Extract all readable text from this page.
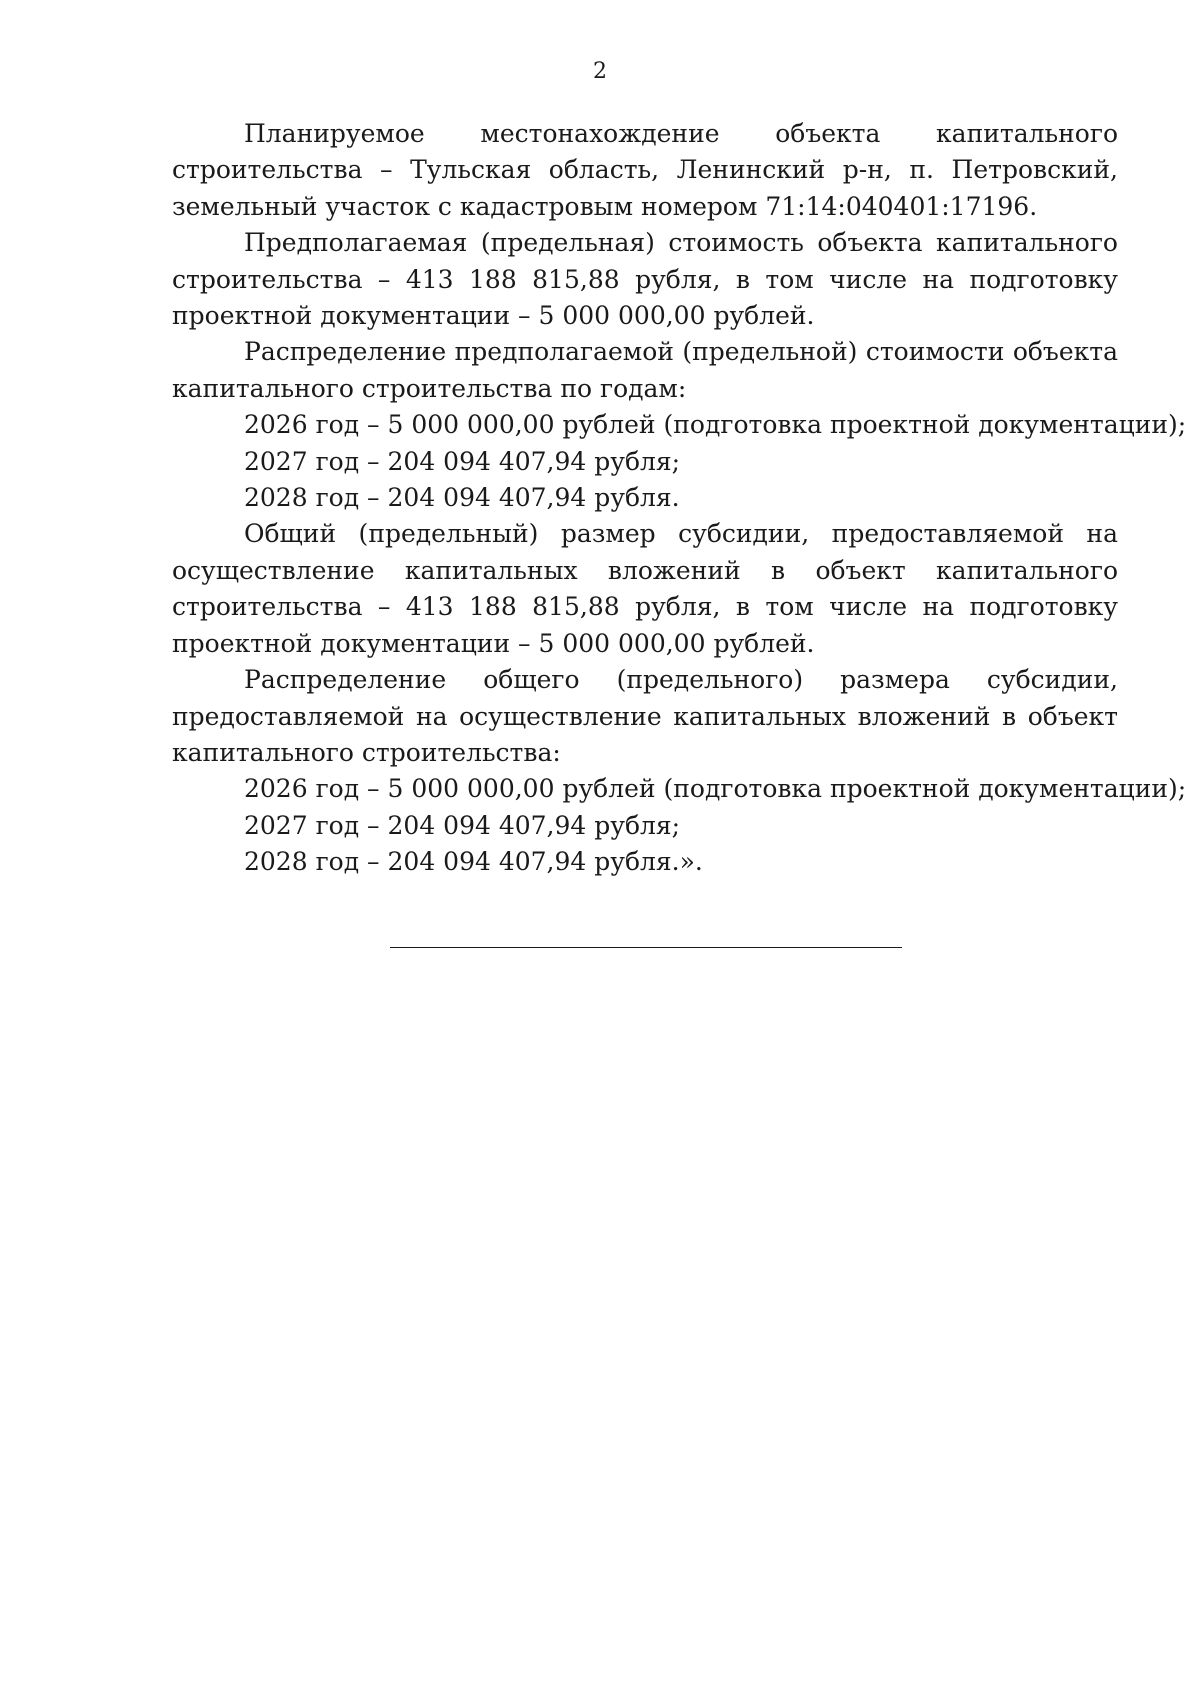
2

Планируемое местонахождение объекта капитального строительства – Тульская область, Ленинский р-н, п. Петровский, земельный участок с кадастровым номером 71:14:040401:17196.

Предполагаемая (предельная) стоимость объекта капитального строительства – 413 188 815,88 рубля, в том числе на подготовку проектной документации – 5 000 000,00 рублей.

Распределение предполагаемой (предельной) стоимости объекта капитального строительства по годам:

2026 год – 5 000 000,00 рублей (подготовка проектной документации);

2027 год – 204 094 407,94 рубля;

2028 год – 204 094 407,94 рубля.

Общий (предельный) размер субсидии, предоставляемой на осуществление капитальных вложений в объект капитального строительства – 413 188 815,88 рубля, в том числе на подготовку проектной документации – 5 000 000,00 рублей.

Распределение общего (предельного) размера субсидии, предоставляемой на осуществление капитальных вложений в объект капитального строительства:

2026 год – 5 000 000,00 рублей (подготовка проектной документации);

2027 год – 204 094 407,94 рубля;

2028 год – 204 094 407,94 рубля.».
